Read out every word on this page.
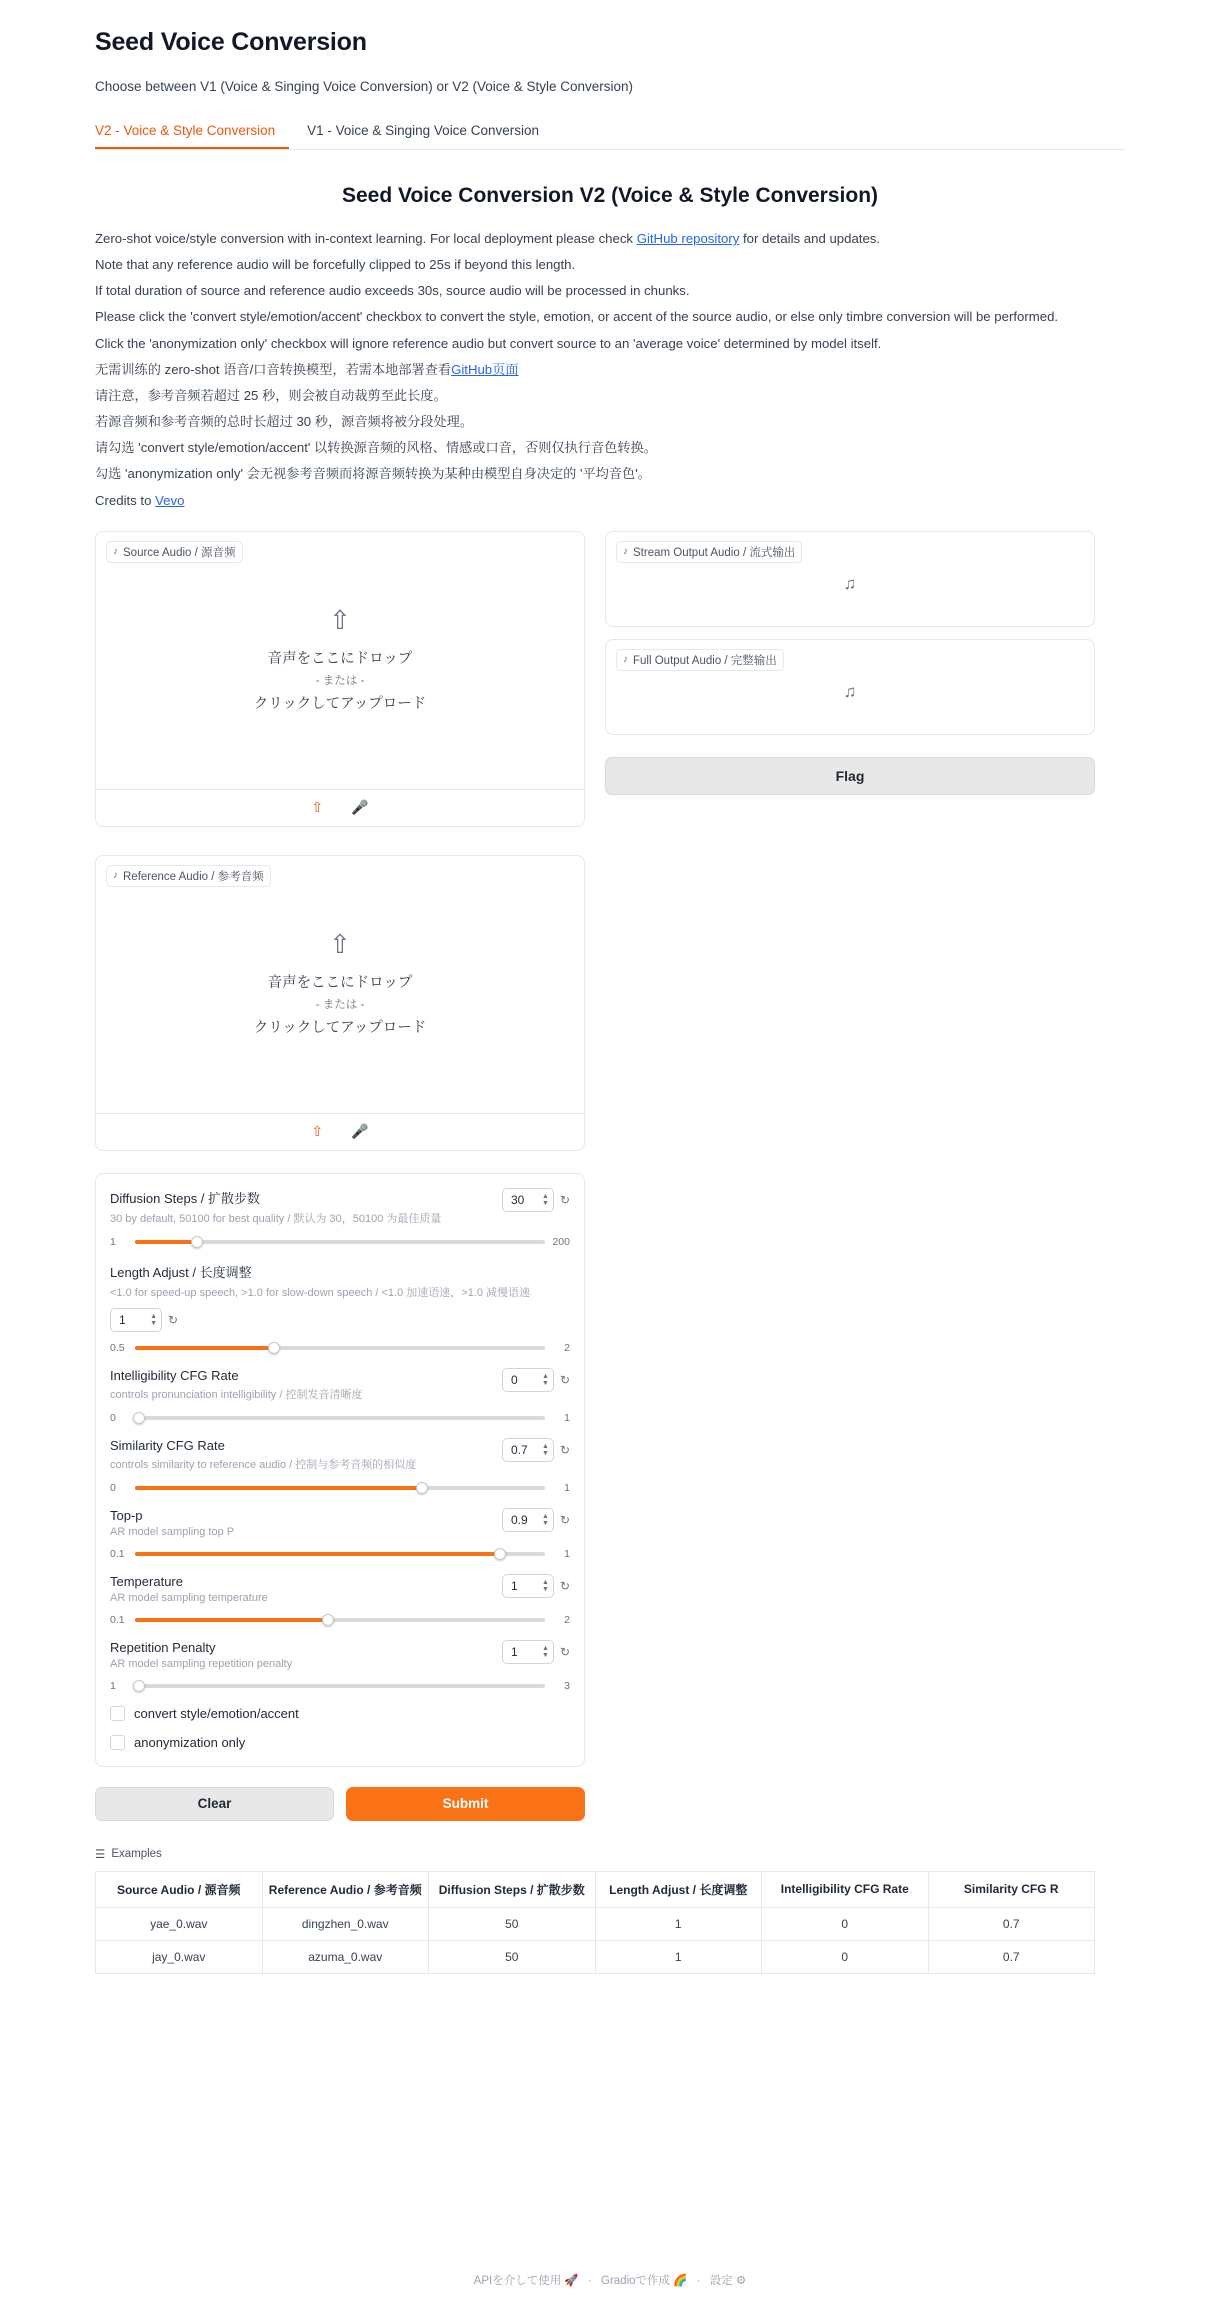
Seed Voice Conversion
Choose between V1 (Voice & Singing Voice Conversion) or V2 (Voice & Style Conversion)
V2 - Voice & Style Conversion	V1 - Voice & Singing Voice Conversion
Seed Voice Conversion V2 (Voice & Style Conversion)

Zero-shot voice/style conversion with in-context learning. For local deployment please check GitHub repository for details and updates.

Note that any reference audio will be forcefully clipped to 25s if beyond this length.

If total duration of source and reference audio exceeds 30s, source audio will be processed in chunks.

Please click the 'convert style/emotion/accent' checkbox to convert the style, emotion, or accent of the source audio, or else only timbre conversion will be performed.

Click the 'anonymization only' checkbox will ignore reference audio but convert source to an 'average voice' determined by model itself.

无需训练的 zero-shot 语音/口音转换模型，若需本地部署查看GitHub页面

请注意，参考音频若超过 25 秒，则会被自动裁剪至此长度。

若源音频和参考音频的总时长超过 30 秒，源音频将被分段处理。

请勾选 'convert style/emotion/accent' 以转换源音频的风格、情感或口音，否则仅执行音色转换。

勾选 'anonymization only' 会无视参考音频而将源音频转换为某种由模型自身决定的 '平均音色'。

Credits to Vevo

♪ Source Audio / 源音频
⇧
音声をここにドロップ
- または -
クリックしてアップロード
⇧ 🎤
♪ Reference Audio / 参考音频
⇧
音声をここにドロップ
- または -
クリックしてアップロード
⇧ 🎤
Diffusion Steps / 扩散步数
30 by default, 50100 for best quality / 默认为 30，50100 为最佳质量
30	▲
▼ ↻
1	200
Length Adjust / 长度调整
<1.0 for speed-up speech, >1.0 for slow-down speech / <1.0 加速语速，>1.0 减慢语速
1	▲
▼ ↻
0.5	2
Intelligibility CFG Rate
controls pronunciation intelligibility / 控制发音清晰度
0	▲
▼ ↻
0	1
Similarity CFG Rate
controls similarity to reference audio / 控制与参考音频的相似度
0.7 ▲
▼ ↻
0	1
Top-p
AR model sampling top P
0.9 ▲
▼ ↻
0.1	1
Temperature
AR model sampling temperature
1	▲
▼ ↻
0.1	2
Repetition Penalty
AR model sampling repetition penalty
1	▲
▼ ↻
1	3
convert style/emotion/accent
anonymization only
Clear	Submit
♪ Stream Output Audio / 流式输出
♫
♪ Full Output Audio / 完整输出
♫
Flag
☰ Examples
Source Audio / 源音频	Reference Audio / 参考音频	Diffusion Steps / 扩散步数	Length Adjust / 长度调整	Intelligibility CFG Rate	Similarity CFG R
yae_0.wav	dingzhen_0.wav	50	1	0	0.7
jay_0.wav	azuma_0.wav	50	1	0	0.7
APIを介して使用 🚀 · Gradioで作成 🌈 · 設定 ⚙
